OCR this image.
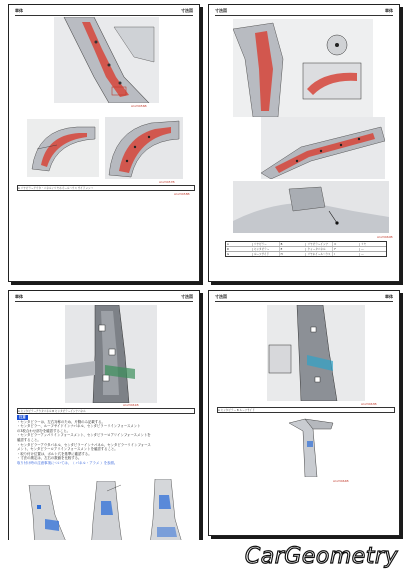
車体	寸法図
A123456B
A123457B
A リヤピラーアウタ・パネル / リヤホイールハウス サイドメンバ
A123458B
寸法図	車体
A123460B
A	リヤピラー	B	リヤピラーインナ	C	リヤ
D	センタピラー	E	クォータパネル	F	―
G	ルーフサイド	H	リヤホイールハウス	I	―
車体	寸法図
A123461B
A センタピラーアウタパネル B センタピラーインナパネル
注意
・センタピラーは、左右対称のため、片側のみ記載する。
・センタピラー、ルーフサイドインナパネル、センタピラーリインフォースメント
の3枚合わせ部分を確認すること。
・センタピラーアッパリインフォースメント、センタピラーロアリインフォースメントを
確認すること。
・センタピラーアウタパネル、センタピラーインナパネル、センタピラーリインフォース
メント、センタピラーロアリインフォースメントを確認すること。
・取り付け位置は、ボルト穴を基準に確認する。
・寸法の測定は、左右の数値を比較する。
取り付け時の注意事項については、（ パネル・アラメ ）を参照。
寸法図	車体
A123463B
A センタピラー B ルーフサイド
A123464B
CarGeometry
